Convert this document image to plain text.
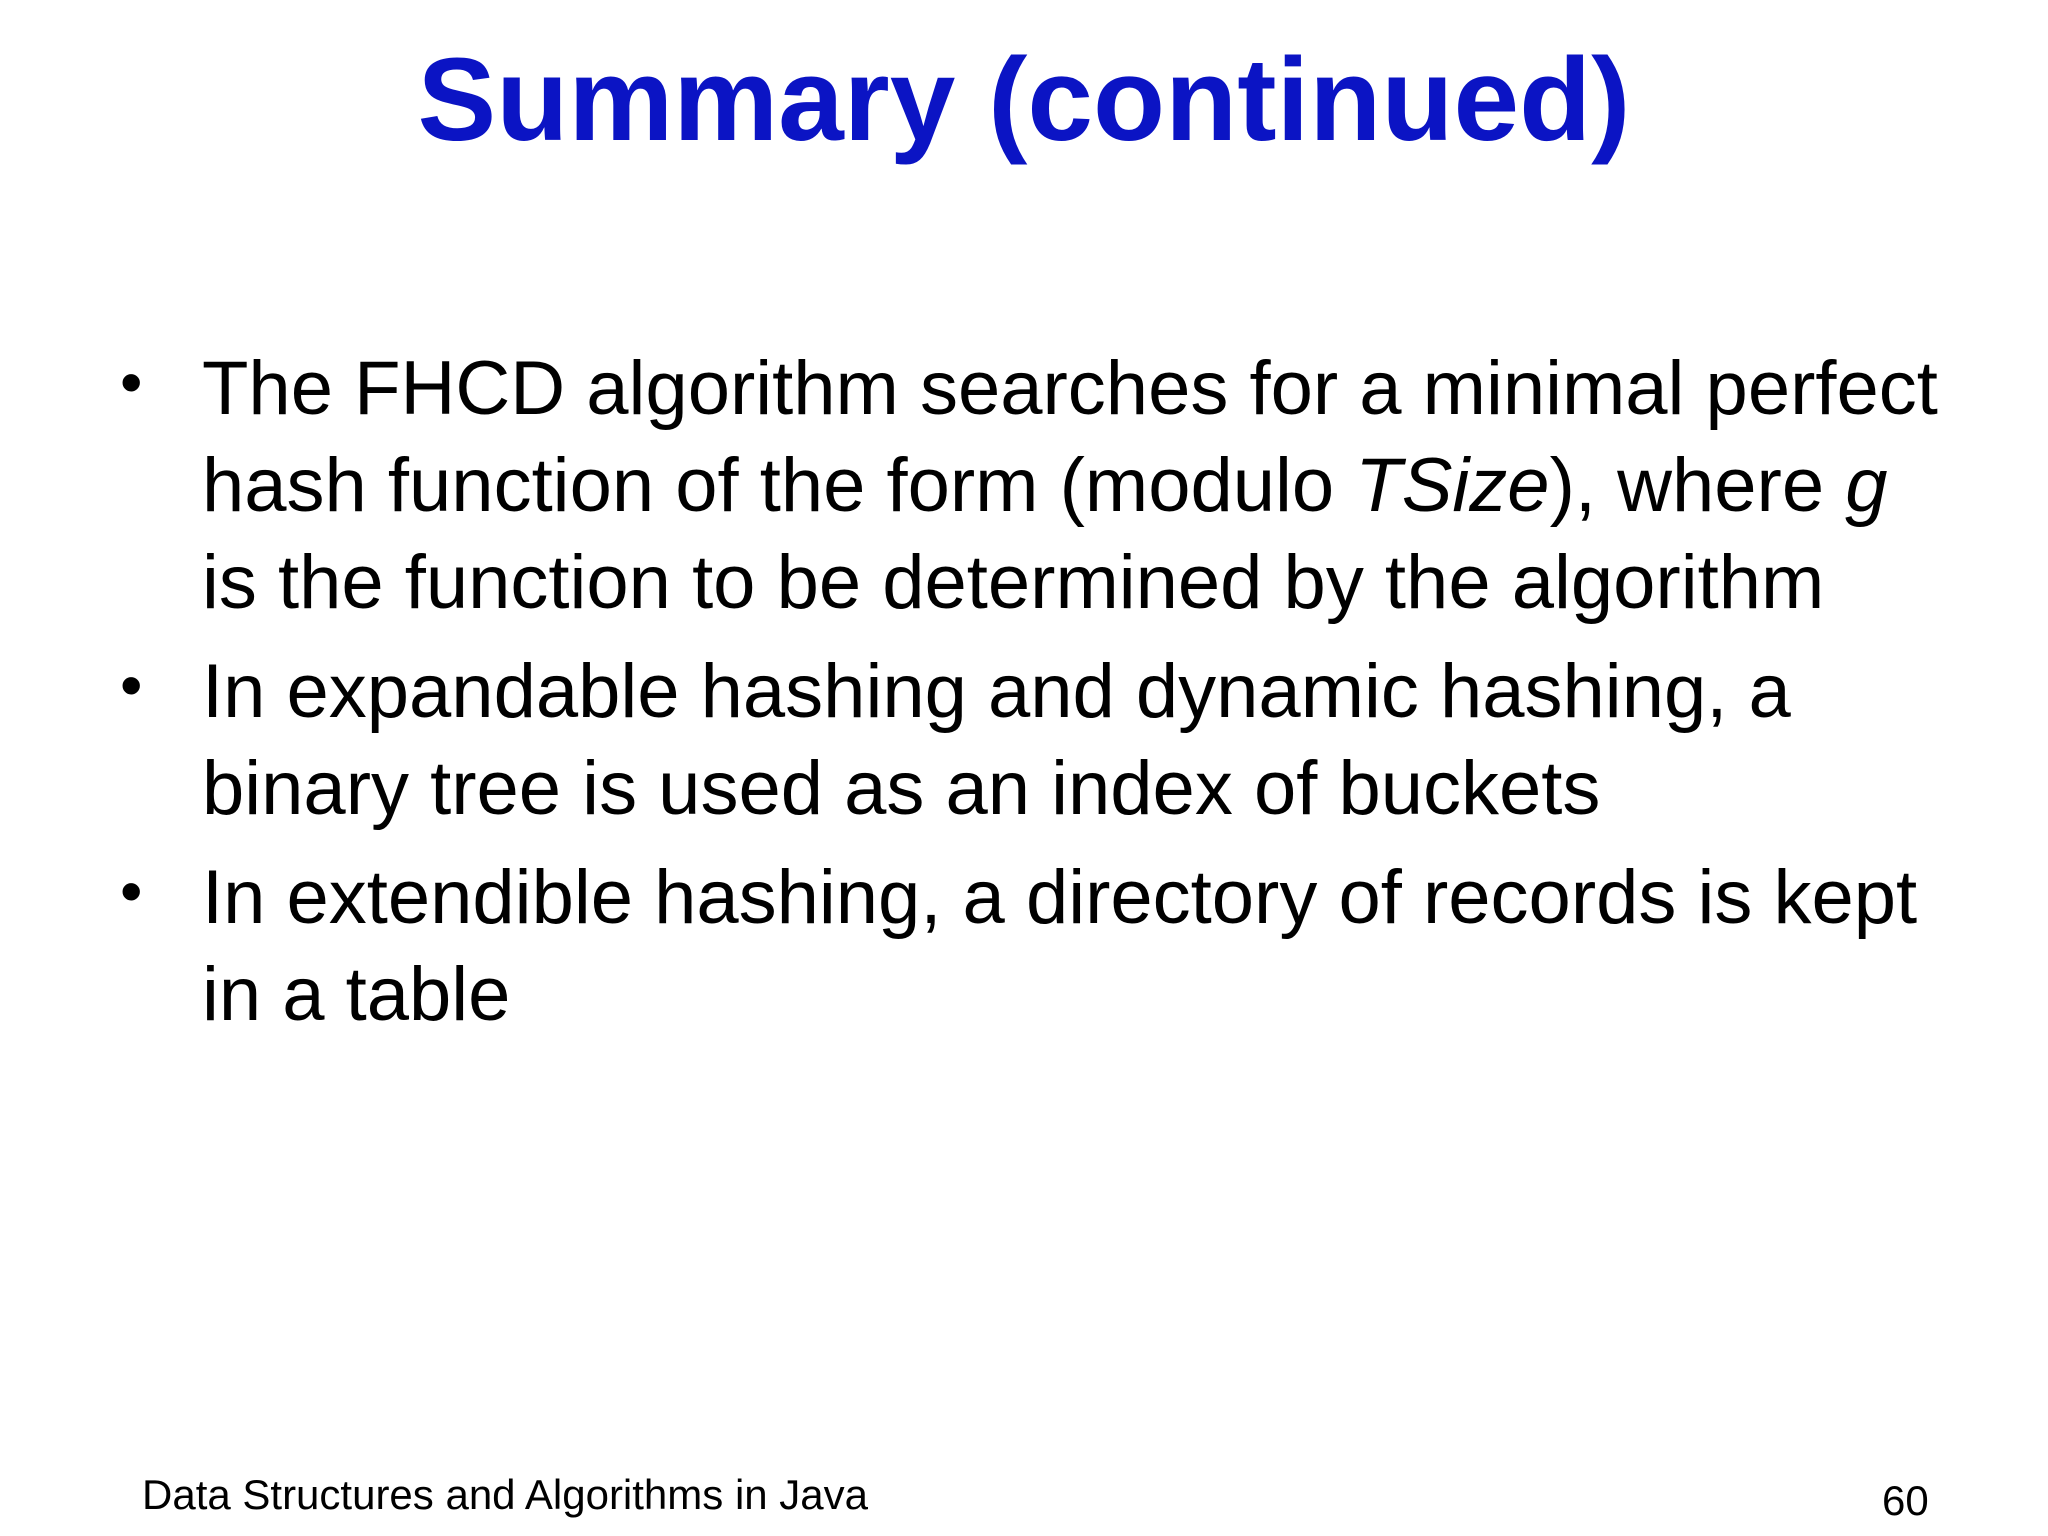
Summary (continued)
• The FHCD algorithm searches for a minimal perfect hash function of the form (modulo TSize), where g is the function to be determined by the algorithm
• In expandable hashing and dynamic hashing, a binary tree is used as an index of buckets
• In extendible hashing, a directory of records is kept in a table
Data Structures and Algorithms in Java	60
